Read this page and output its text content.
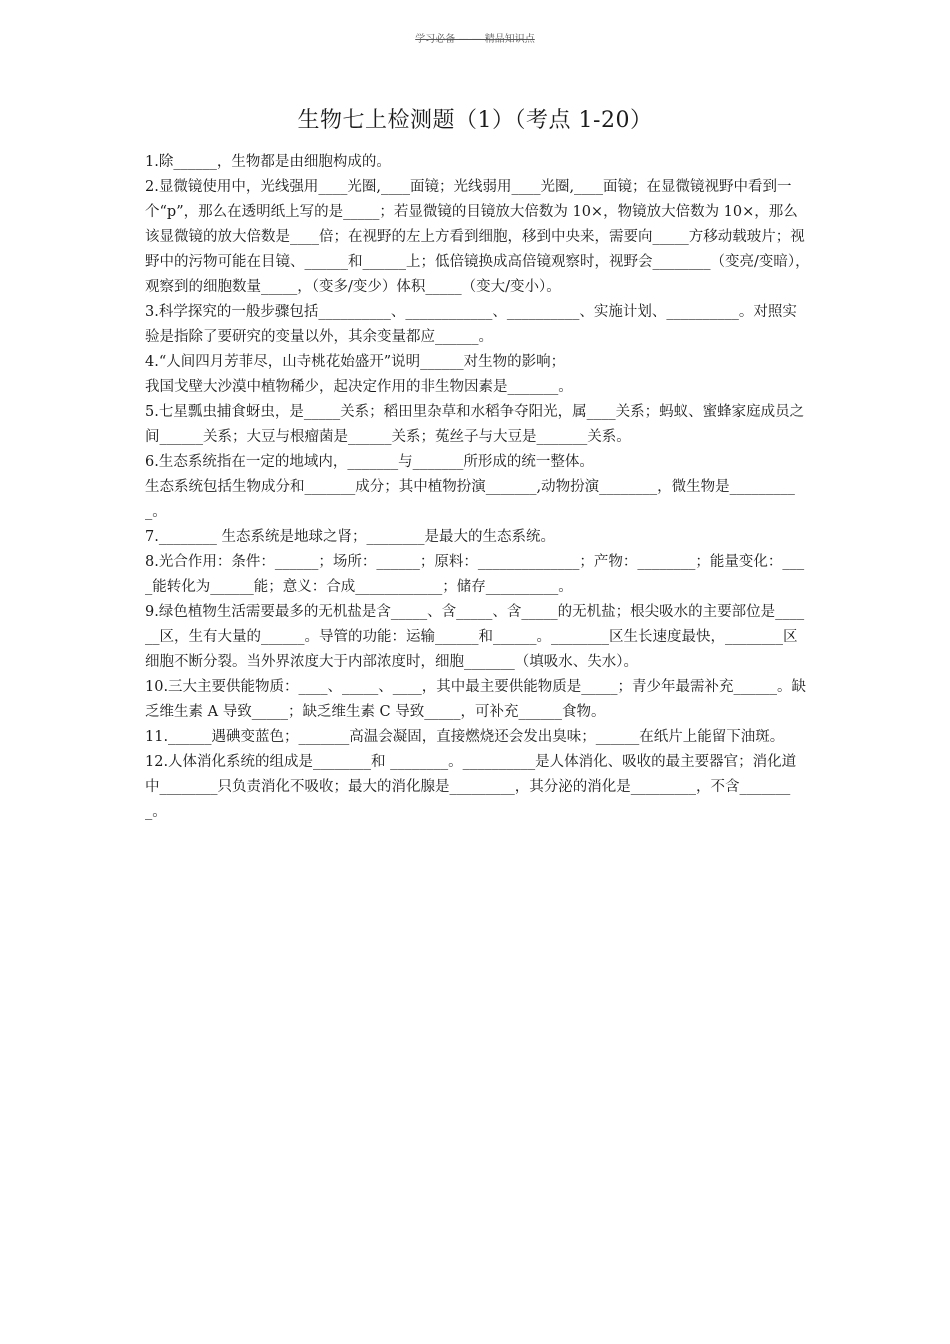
学习必备 — — 精品知识点
生物七上检测题（1）（考点 1-20）

1.除______，生物都是由细胞构成的。

2.显微镜使用中，光线强用____光圈,____面镜；光线弱用____光圈,____面镜；在显微镜视野中看到一个“p”，那么在透明纸上写的是_____；若显微镜的目镜放大倍数为 10×，物镜放大倍数为 10×，那么该显微镜的放大倍数是____倍；在视野的左上方看到细胞，移到中央来，需要向_____方移动载玻片；视野中的污物可能在目镜、______和______上；低倍镜换成高倍镜观察时，视野会________（变亮/变暗），观察到的细胞数量_____，（变多/变少）体积_____（变大/变小）。

3.科学探究的一般步骤包括__________、____________、__________、实施计划、__________。对照实验是指除了要研究的变量以外，其余变量都应______。

4.“人间四月芳菲尽，山寺桃花始盛开”说明______对生物的影响；

我国戈壁大沙漠中植物稀少，起决定作用的非生物因素是_______。

5.七星瓢虫捕食蚜虫，是_____关系；稻田里杂草和水稻争夺阳光，属____关系；蚂蚁、蜜蜂家庭成员之间______关系；大豆与根瘤菌是______关系；菟丝子与大豆是_______关系。

6.生态系统指在一定的地域内，_______与_______所形成的统一整体。

生态系统包括生物成分和_______成分；其中植物扮演_______,动物扮演________，微生物是__________。

7.________ 生态系统是地球之肾；________是最大的生态系统。

8.光合作用：条件：______；场所：______；原料：______________；产物：________；能量变化：____能转化为______能；意义：合成____________；储存__________。

9.绿色植物生活需要最多的无机盐是含_____、含_____、含_____的无机盐；根尖吸水的主要部位是______区，生有大量的______。导管的功能：运输______和______。________区生长速度最快，________区细胞不断分裂。当外界浓度大于内部浓度时，细胞_______（填吸水、失水）。

10.三大主要供能物质：____、_____、____，其中最主要供能物质是_____；青少年最需补充______。缺乏维生素 A 导致_____；缺乏维生素 C 导致_____，可补充______食物。

11.______遇碘变蓝色；_______高温会凝固，直接燃烧还会发出臭味；______在纸片上能留下油斑。

12.人体消化系统的组成是________和 ________。__________是人体消化、吸收的最主要器官；消化道中________只负责消化不吸收；最大的消化腺是_________，其分泌的消化是_________，不含________。
